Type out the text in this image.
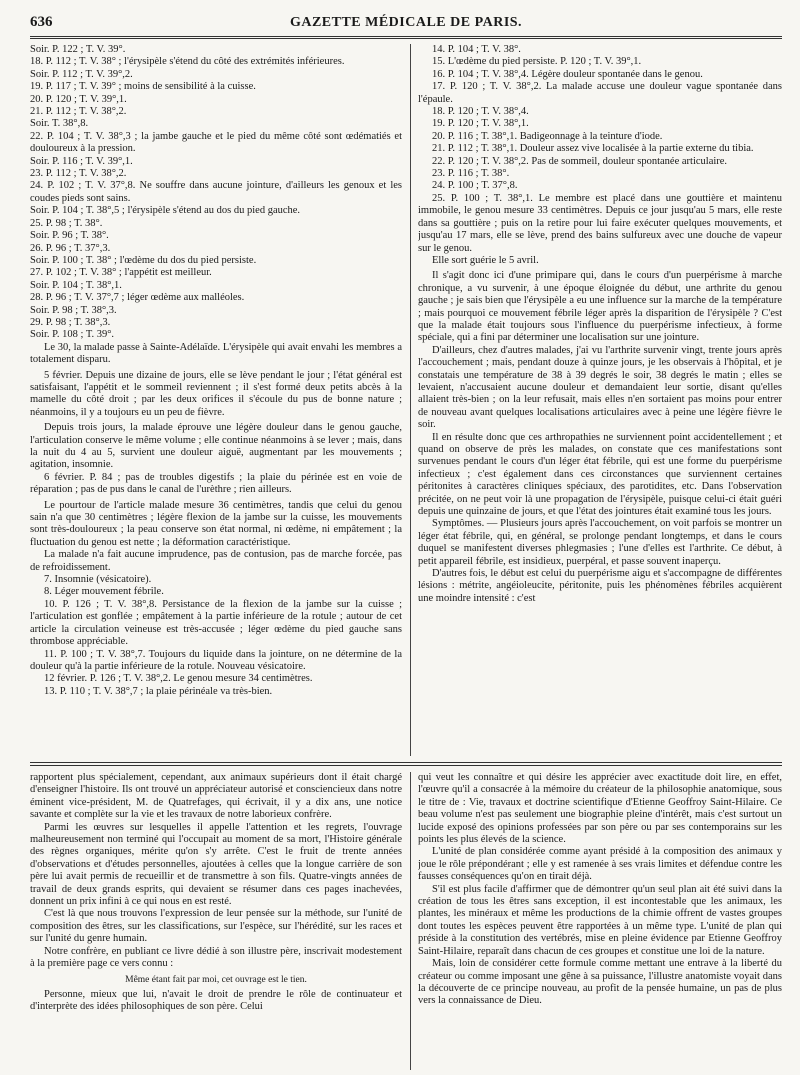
636	GAZETTE MÉDICALE DE PARIS.

Soir. P. 122 ; T. V. 39°.

18. P. 112 ; T. V. 38° ; l'érysipèle s'étend du côté des extrémités inférieures.

Soir. P. 112 ; T. V. 39°,2.

19. P. 117 ; T. V. 39° ; moins de sensibilité à la cuisse.

20. P. 120 ; T. V. 39°,1.

21. P. 112 ; T. V. 38°,2.

Soir. T. 38°,8.

22. P. 104 ; T. V. 38°,3 ; la jambe gauche et le pied du même côté sont œdématiés et douloureux à la pression.

Soir. P. 116 ; T. V. 39°,1.

23. P. 112 ; T. V. 38°,2.

24. P. 102 ; T. V. 37°,8. Ne souffre dans aucune jointure, d'ailleurs les genoux et les coudes pieds sont sains.

Soir. P. 104 ; T. 38°,5 ; l'érysipèle s'étend au dos du pied gauche.

25. P. 98 ; T. 38°.

Soir. P. 96 ; T. 38°.

26. P. 96 ; T. 37°,3.

Soir. P. 100 ; T. 38° ; l'œdème du dos du pied persiste.

27. P. 102 ; T. V. 38° ; l'appétit est meilleur.

Soir. P. 104 ; T. 38°,1.

28. P. 96 ; T. V. 37°,7 ; léger œdème aux malléoles.

Soir. P. 98 ; T. 38°,3.

29. P. 98 ; T. 38°,3.

Soir. P. 108 ; T. 39°.

Le 30, la malade passe à Sainte-Adélaïde. L'érysipèle qui avait envahi les membres a totalement disparu.

5 février. Depuis une dizaine de jours, elle se lève pendant le jour ; l'état général est satisfaisant, l'appétit et le sommeil reviennent ; il s'est formé deux petits abcès à la mamelle du côté droit ; par les deux orifices il s'écoule du pus de bonne nature ; néanmoins, il y a toujours eu un peu de fièvre.

Depuis trois jours, la malade éprouve une légère douleur dans le genou gauche, l'articulation conserve le même volume ; elle continue néanmoins à se lever ; mais, dans la nuit du 4 au 5, survient une douleur aiguë, augmentant par les mouvements ; agitation, insomnie.

6 février. P. 84 ; pas de troubles digestifs ; la plaie du périnée est en voie de réparation ; pas de pus dans le canal de l'urèthre ; rien ailleurs.

Le pourtour de l'article malade mesure 36 centimètres, tandis que celui du genou sain n'a que 30 centimètres ; légère flexion de la jambe sur la cuisse, les mouvements sont très-douloureux ; la peau conserve son état normal, ni œdème, ni empâtement ; la fluctuation du genou est nette ; la déformation caractéristique.

La malade n'a fait aucune imprudence, pas de contusion, pas de marche forcée, pas de refroidissement.

7. Insomnie (vésicatoire).

8. Léger mouvement fébrile.

10. P. 126 ; T. V. 38°,8. Persistance de la flexion de la jambe sur la cuisse ; l'articulation est gonflée ; empâtement à la partie inférieure de la rotule ; autour de cet article la circulation veineuse est très-accusée ; léger œdème du pied gauche sans thrombose appréciable.

11. P. 100 ; T. V. 38°,7. Toujours du liquide dans la jointure, on ne détermine de la douleur qu'à la partie inférieure de la rotule. Nouveau vésicatoire.

12 février. P. 126 ; T. V. 38°,2. Le genou mesure 34 centimètres.

13. P. 110 ; T. V. 38°,7 ; la plaie périnéale va très-bien.

14. P. 104 ; T. V. 38°.

15. L'œdème du pied persiste. P. 120 ; T. V. 39°,1.

16. P. 104 ; T. V. 38°,4. Légère douleur spontanée dans le genou.

17. P. 120 ; T. V. 38°,2. La malade accuse une douleur vague spontanée dans l'épaule.

18. P. 120 ; T. V. 38°,4.

19. P. 120 ; T. V. 38°,1.

20. P. 116 ; T. 38°,1. Badigeonnage à la teinture d'iode.

21. P. 112 ; T. 38°,1. Douleur assez vive localisée à la partie externe du tibia.

22. P. 120 ; T. V. 38°,2. Pas de sommeil, douleur spontanée articulaire.

23. P. 116 ; T. 38°.

24. P. 100 ; T. 37°,8.

25. P. 100 ; T. 38°,1. Le membre est placé dans une gouttière et maintenu immobile, le genou mesure 33 centimètres. Depuis ce jour jusqu'au 5 mars, elle reste dans sa gouttière ; puis on la retire pour lui faire exécuter quelques mouvements, et jusqu'au 17 mars, elle se lève, prend des bains sulfureux avec une douche de vapeur sur le genou.

Elle sort guérie le 5 avril.

Il s'agit donc ici d'une primipare qui, dans le cours d'un puerpérisme à marche chronique, a vu survenir, à une époque éloignée du début, une arthrite du genou gauche ; je sais bien que l'érysipèle a eu une influence sur la marche de la température ; mais pourquoi ce mouvement fébrile léger après la disparition de l'érysipèle ? C'est que la malade était toujours sous l'influence du puerpérisme infectieux, à forme spéciale, qui a fini par déterminer une localisation sur une jointure.

D'ailleurs, chez d'autres malades, j'ai vu l'arthrite survenir vingt, trente jours après l'accouchement ; mais, pendant douze à quinze jours, je les observais à l'hôpital, et je constatais une température de 38 à 39 degrés le soir, 38 degrés le matin ; elles se levaient, n'accusaient aucune douleur et demandaient leur sortie, disant qu'elles allaient très-bien ; on la leur refusait, mais elles n'en sortaient pas moins pour entrer de nouveau avant quelques localisations articulaires avec à peine une légère fièvre le soir.

Il en résulte donc que ces arthropathies ne surviennent point accidentellement ; et quand on observe de près les malades, on constate que ces manifestations sont survenues pendant le cours d'un léger état fébrile, qui est une forme du puerpérisme infectieux ; c'est également dans ces circonstances que surviennent certaines péritonites à caractères cliniques spéciaux, des parotidites, etc. Dans l'observation précitée, on ne peut voir là une propagation de l'érysipèle, puisque celui-ci était guéri depuis une quinzaine de jours, et que l'état des jointures était examiné tous les jours.

Symptômes. — Plusieurs jours après l'accouchement, on voit parfois se montrer un léger état fébrile, qui, en général, se prolonge pendant longtemps, et dans le cours duquel se manifestent diverses phlegmasies ; l'une d'elles est l'arthrite. Ce début, à petit appareil fébrile, est insidieux, puerpéral, et passe souvent inaperçu.

D'autres fois, le début est celui du puerpérisme aigu et s'accompagne de différentes lésions : métrite, angéioleucite, péritonite, puis les phénomènes fébriles acquièrent une moindre intensité : c'est

rapportent plus spécialement, cependant, aux animaux supérieurs dont il était chargé d'enseigner l'histoire. Ils ont trouvé un appréciateur autorisé et consciencieux dans notre éminent vice-président, M. de Quatrefages, qui écrivait, il y a dix ans, une notice savante et complète sur la vie et les travaux de notre laborieux confrère.

Parmi les œuvres sur lesquelles il appelle l'attention et les regrets, l'ouvrage malheureusement non terminé qui l'occupait au moment de sa mort, l'Histoire générale des règnes organiques, mérite qu'on s'y arrête. C'est le fruit de trente années d'observations et d'études personnelles, ajoutées à celles que la longue carrière de son père lui avait permis de recueillir et de transmettre à son fils. Quatre-vingts années de travail de deux grands esprits, qui devaient se résumer dans ces pages inachevées, donnent un prix infini à ce qui nous en est resté.

C'est là que nous trouvons l'expression de leur pensée sur la méthode, sur l'unité de composition des êtres, sur les classifications, sur l'espèce, sur l'hérédité, sur les races et sur l'unité du genre humain.

Notre confrère, en publiant ce livre dédié à son illustre père, inscrivait modestement à la première page ce vers connu :

Même étant fait par moi, cet ouvrage est le tien.

Personne, mieux que lui, n'avait le droit de prendre le rôle de continuateur et d'interprète des idées philosophiques de son père. Celui

qui veut les connaître et qui désire les apprécier avec exactitude doit lire, en effet, l'œuvre qu'il a consacrée à la mémoire du créateur de la philosophie anatomique, sous le titre de : Vie, travaux et doctrine scientifique d'Etienne Geoffroy Saint-Hilaire. Ce beau volume n'est pas seulement une biographie pleine d'intérêt, mais c'est surtout un lucide exposé des opinions professées par son père ou par ses contemporains sur les points les plus élevés de la science.

L'unité de plan considérée comme ayant présidé à la composition des animaux y joue le rôle prépondérant ; elle y est ramenée à ses vrais limites et défendue contre les fausses conséquences qu'on en tirait déjà.

S'il est plus facile d'affirmer que de démontrer qu'un seul plan ait été suivi dans la création de tous les êtres sans exception, il est incontestable que les animaux, les plantes, les minéraux et même les productions de la chimie offrent de vastes groupes dont toutes les espèces peuvent être rapportées à un même type. L'unité de plan qui préside à la constitution des vertébrés, mise en pleine évidence par Etienne Geoffroy Saint-Hilaire, reparaît dans chacun de ces groupes et constitue une loi de la nature.

Mais, loin de considérer cette formule comme mettant une entrave à la liberté du créateur ou comme imposant une gêne à sa puissance, l'illustre anatomiste voyait dans la découverte de ce principe nouveau, au profit de la pensée humaine, un pas de plus vers la connaissance de Dieu.
